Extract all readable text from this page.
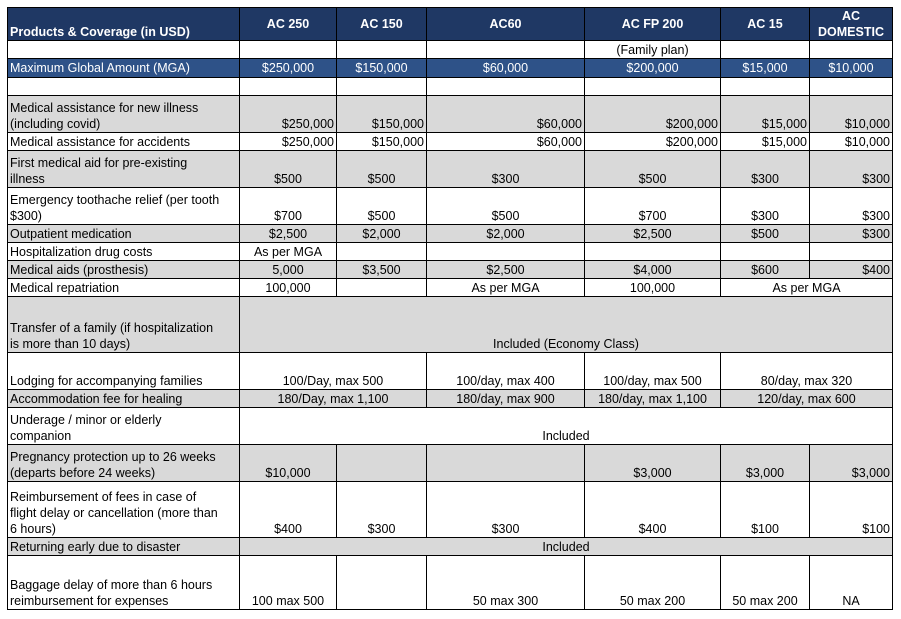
Products & Coverage (in USD)	AC 250	AC 150	AC60	AC FP 200	AC 15	AC DOMESTIC
				(Family plan)		
Maximum Global Amount (MGA)	$250,000	$150,000	$60,000	$200,000	$15,000	$10,000

Medical assistance for new illness
(including covid)	$250,000	$150,000	$60,000	$200,000	$15,000	$10,000
Medical assistance for accidents	$250,000	$150,000	$60,000	$200,000	$15,000	$10,000
First medical aid for pre-existing
illness	$500	$500	$300	$500	$300	$300
Emergency toothache relief (per tooth
$300)	$700	$500	$500	$700	$300	$300
Outpatient medication	$2,500	$2,000	$2,000	$2,500	$500	$300
Hospitalization drug costs	As per MGA					
Medical aids (prosthesis)	5,000	$3,500	$2,500	$4,000	$600	$400
Medical repatriation	100,000		As per MGA	100,000	As per MGA	
Transfer of a family (if hospitalization
is more than 10 days)	Included (Economy Class)					
Lodging for accompanying families	100/Day, max 500		100/day, max 400	100/day, max 500	80/day, max 320	
Accommodation fee for healing	180/Day, max 1,100		180/day, max 900	180/day, max 1,100	120/day, max 600	
Underage / minor or elderly
companion	Included					
Pregnancy protection up to 26 weeks
(departs before 24 weeks)	$10,000			$3,000	$3,000	$3,000
Reimbursement of fees in case of
flight delay or cancellation (more than
6 hours)	$400	$300	$300	$400	$100	$100
Returning early due to disaster	Included					
Baggage delay of more than 6 hours
reimbursement for expenses	100 max 500		50 max 300	50 max 200	50 max 200	NA
